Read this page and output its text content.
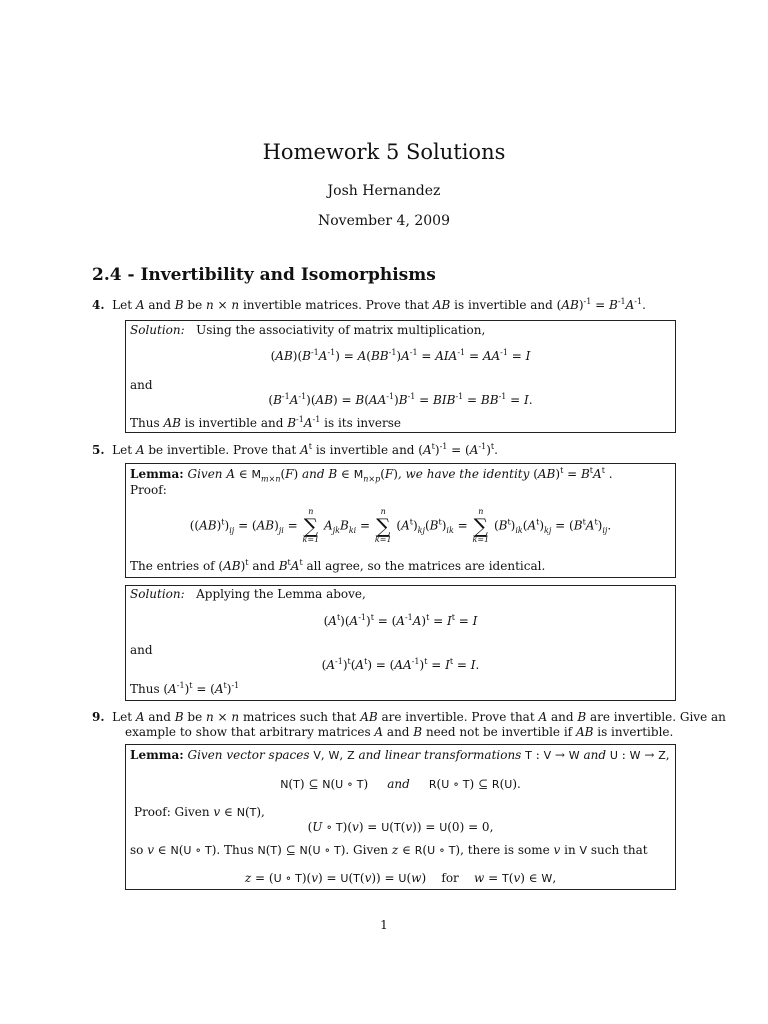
Homework 5 Solutions
Josh Hernandez
November 4, 2009
2.4 - Invertibility and Isomorphisms
4.  Let A and B be n × n invertible matrices. Prove that AB is invertible and $(AB)^{-1} = B^{-1}A^{-1}$.
Solution:   Using the associativity of matrix multiplication,
$(AB)(B^{-1}A^{-1}) = A(BB^{-1})A^{-1} = AIA^{-1} = AA^{-1} = I$
and
$(B^{-1}A^{-1})(AB) = B(AA^{-1})B^{-1} = BIB^{-1} = BB^{-1} = I$.
Thus AB is invertible and $B^{-1}A^{-1}$ is its inverse
5.  Let A be invertible. Prove that $A^t$ is invertible and $(A^t)^{-1} = (A^{-1})^t$.
Lemma: Given A ∈ $M_{m\times n}(F)$ and B ∈ $M_{n\times p}(F)$, we have the identity $(AB)^t = B^tA^t$ .
Proof:
$((AB)^t)_{ij} = (AB)_{ji}$ =
n
∑
k=1
$A_{jk}B_{ki}$ =
n
∑
k=1
$(A^t)_{kj}(B^t)_{ik}$ =
n
∑
k=1
$(B^t)_{ik}(A^t)_{kj} = (B^tA^t)_{ij}$.
The entries of (AB)$^t$ and $B^tA^t$ all agree, so the matrices are identical.
Solution:   Applying the Lemma above,
$(A^t)(A^{-1})^t = (A^{-1}A)^t = I^t = I$
and
$(A^{-1})^t(A^t) = (AA^{-1})^t = I^t = I$.
Thus $(A^{-1})^t = (A^t)^{-1}$
9.  Let A and B be n × n matrices such that AB are invertible. Prove that A and B are invertible. Give an
example to show that arbitrary matrices A and B need not be invertible if AB is invertible.
Lemma: Given vector spaces V, W, Z and linear transformations T : V → W and U : W → Z,
N(T) ⊆ N(U ∘ T)     and R(U ∘ T) ⊆ R(U).
Proof: Given v ∈ N(T),
(U ∘ T)(v) = U(T(v)) = U(0) = 0,
so v ∈ N(U ∘ T). Thus N(T) ⊆ N(U ∘ T). Given z ∈ R(U ∘ T), there is some v in V such that
z = (U ∘ T)(v) = U(T(v)) = U(w)    for    w = T(v) ∈ W,
1
